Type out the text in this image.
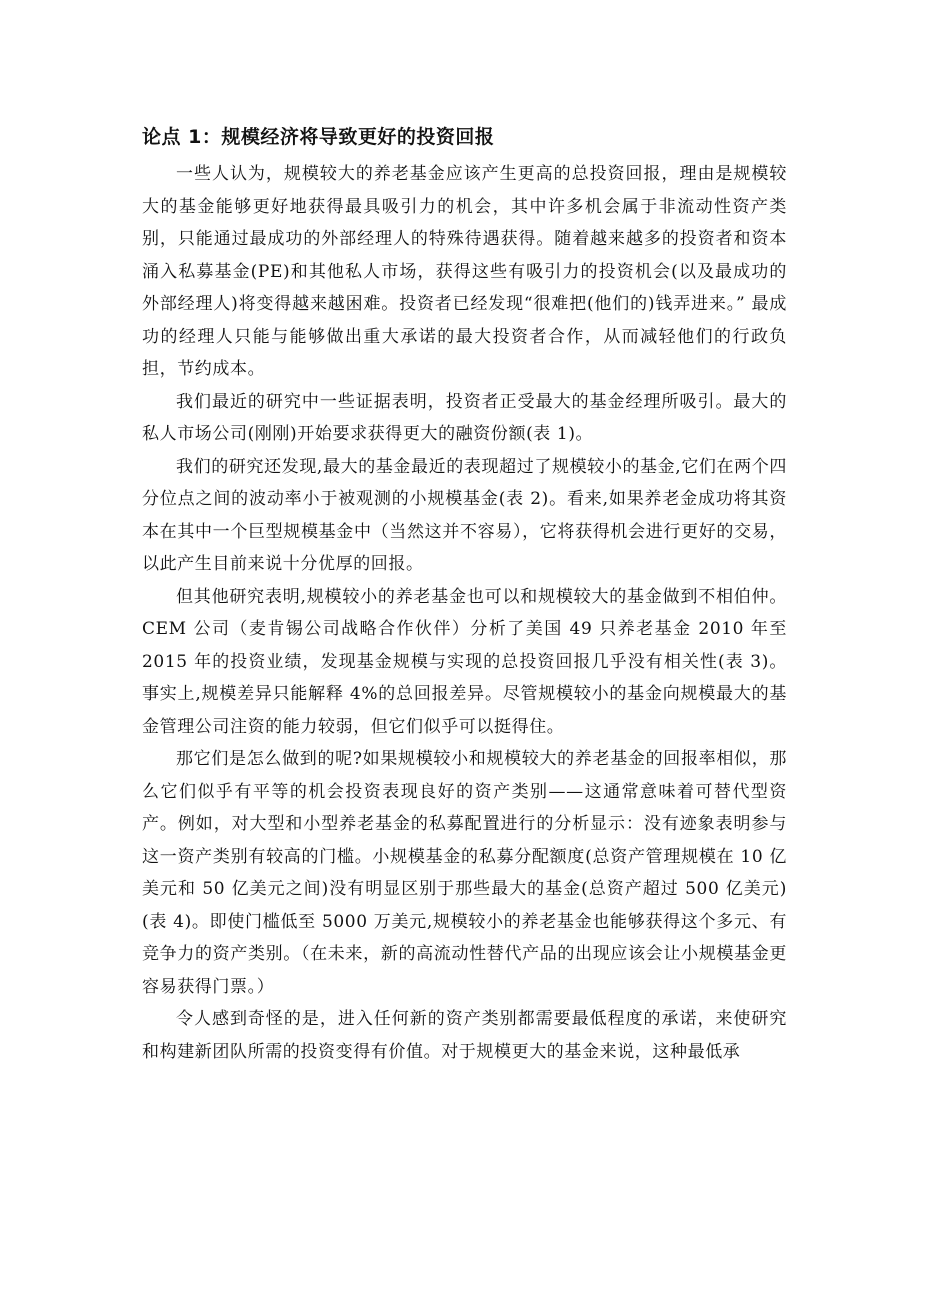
论点 1：规模经济将导致更好的投资回报

一些人认为，规模较大的养老基金应该产生更高的总投资回报，理由是规模较大的基金能够更好地获得最具吸引力的机会，其中许多机会属于非流动性资产类别，只能通过最成功的外部经理人的特殊待遇获得。随着越来越多的投资者和资本涌入私募基金(PE)和其他私人市场，获得这些有吸引力的投资机会(以及最成功的外部经理人)将变得越来越困难。投资者已经发现“很难把(他们的)钱弄进来。” 最成功的经理人只能与能够做出重大承诺的最大投资者合作，从而减轻他们的行政负担，节约成本。

我们最近的研究中一些证据表明，投资者正受最大的基金经理所吸引。最大的私人市场公司(刚刚)开始要求获得更大的融资份额(表 1)。

我们的研究还发现,最大的基金最近的表现超过了规模较小的基金,它们在两个四分位点之间的波动率小于被观测的小规模基金(表 2)。看来,如果养老金成功将其资本在其中一个巨型规模基金中（当然这并不容易），它将获得机会进行更好的交易，以此产生目前来说十分优厚的回报。

但其他研究表明,规模较小的养老基金也可以和规模较大的基金做到不相伯仲。CEM 公司（麦肯锡公司战略合作伙伴）分析了美国 49 只养老基金 2010 年至 2015 年的投资业绩，发现基金规模与实现的总投资回报几乎没有相关性(表 3)。事实上,规模差异只能解释 4%的总回报差异。尽管规模较小的基金向规模最大的基金管理公司注资的能力较弱，但它们似乎可以挺得住。

那它们是怎么做到的呢?如果规模较小和规模较大的养老基金的回报率相似，那么它们似乎有平等的机会投资表现良好的资产类别——这通常意味着可替代型资产。例如，对大型和小型养老基金的私募配置进行的分析显示：没有迹象表明参与这一资产类别有较高的门槛。小规模基金的私募分配额度(总资产管理规模在 10 亿美元和 50 亿美元之间)没有明显区别于那些最大的基金(总资产超过 500 亿美元)(表 4)。即使门槛低至 5000 万美元,规模较小的养老基金也能够获得这个多元、有竞争力的资产类别。（在未来，新的高流动性替代产品的出现应该会让小规模基金更容易获得门票。）

令人感到奇怪的是，进入任何新的资产类别都需要最低程度的承诺，来使研究和构建新团队所需的投资变得有价值。对于规模更大的基金来说，这种最低承
